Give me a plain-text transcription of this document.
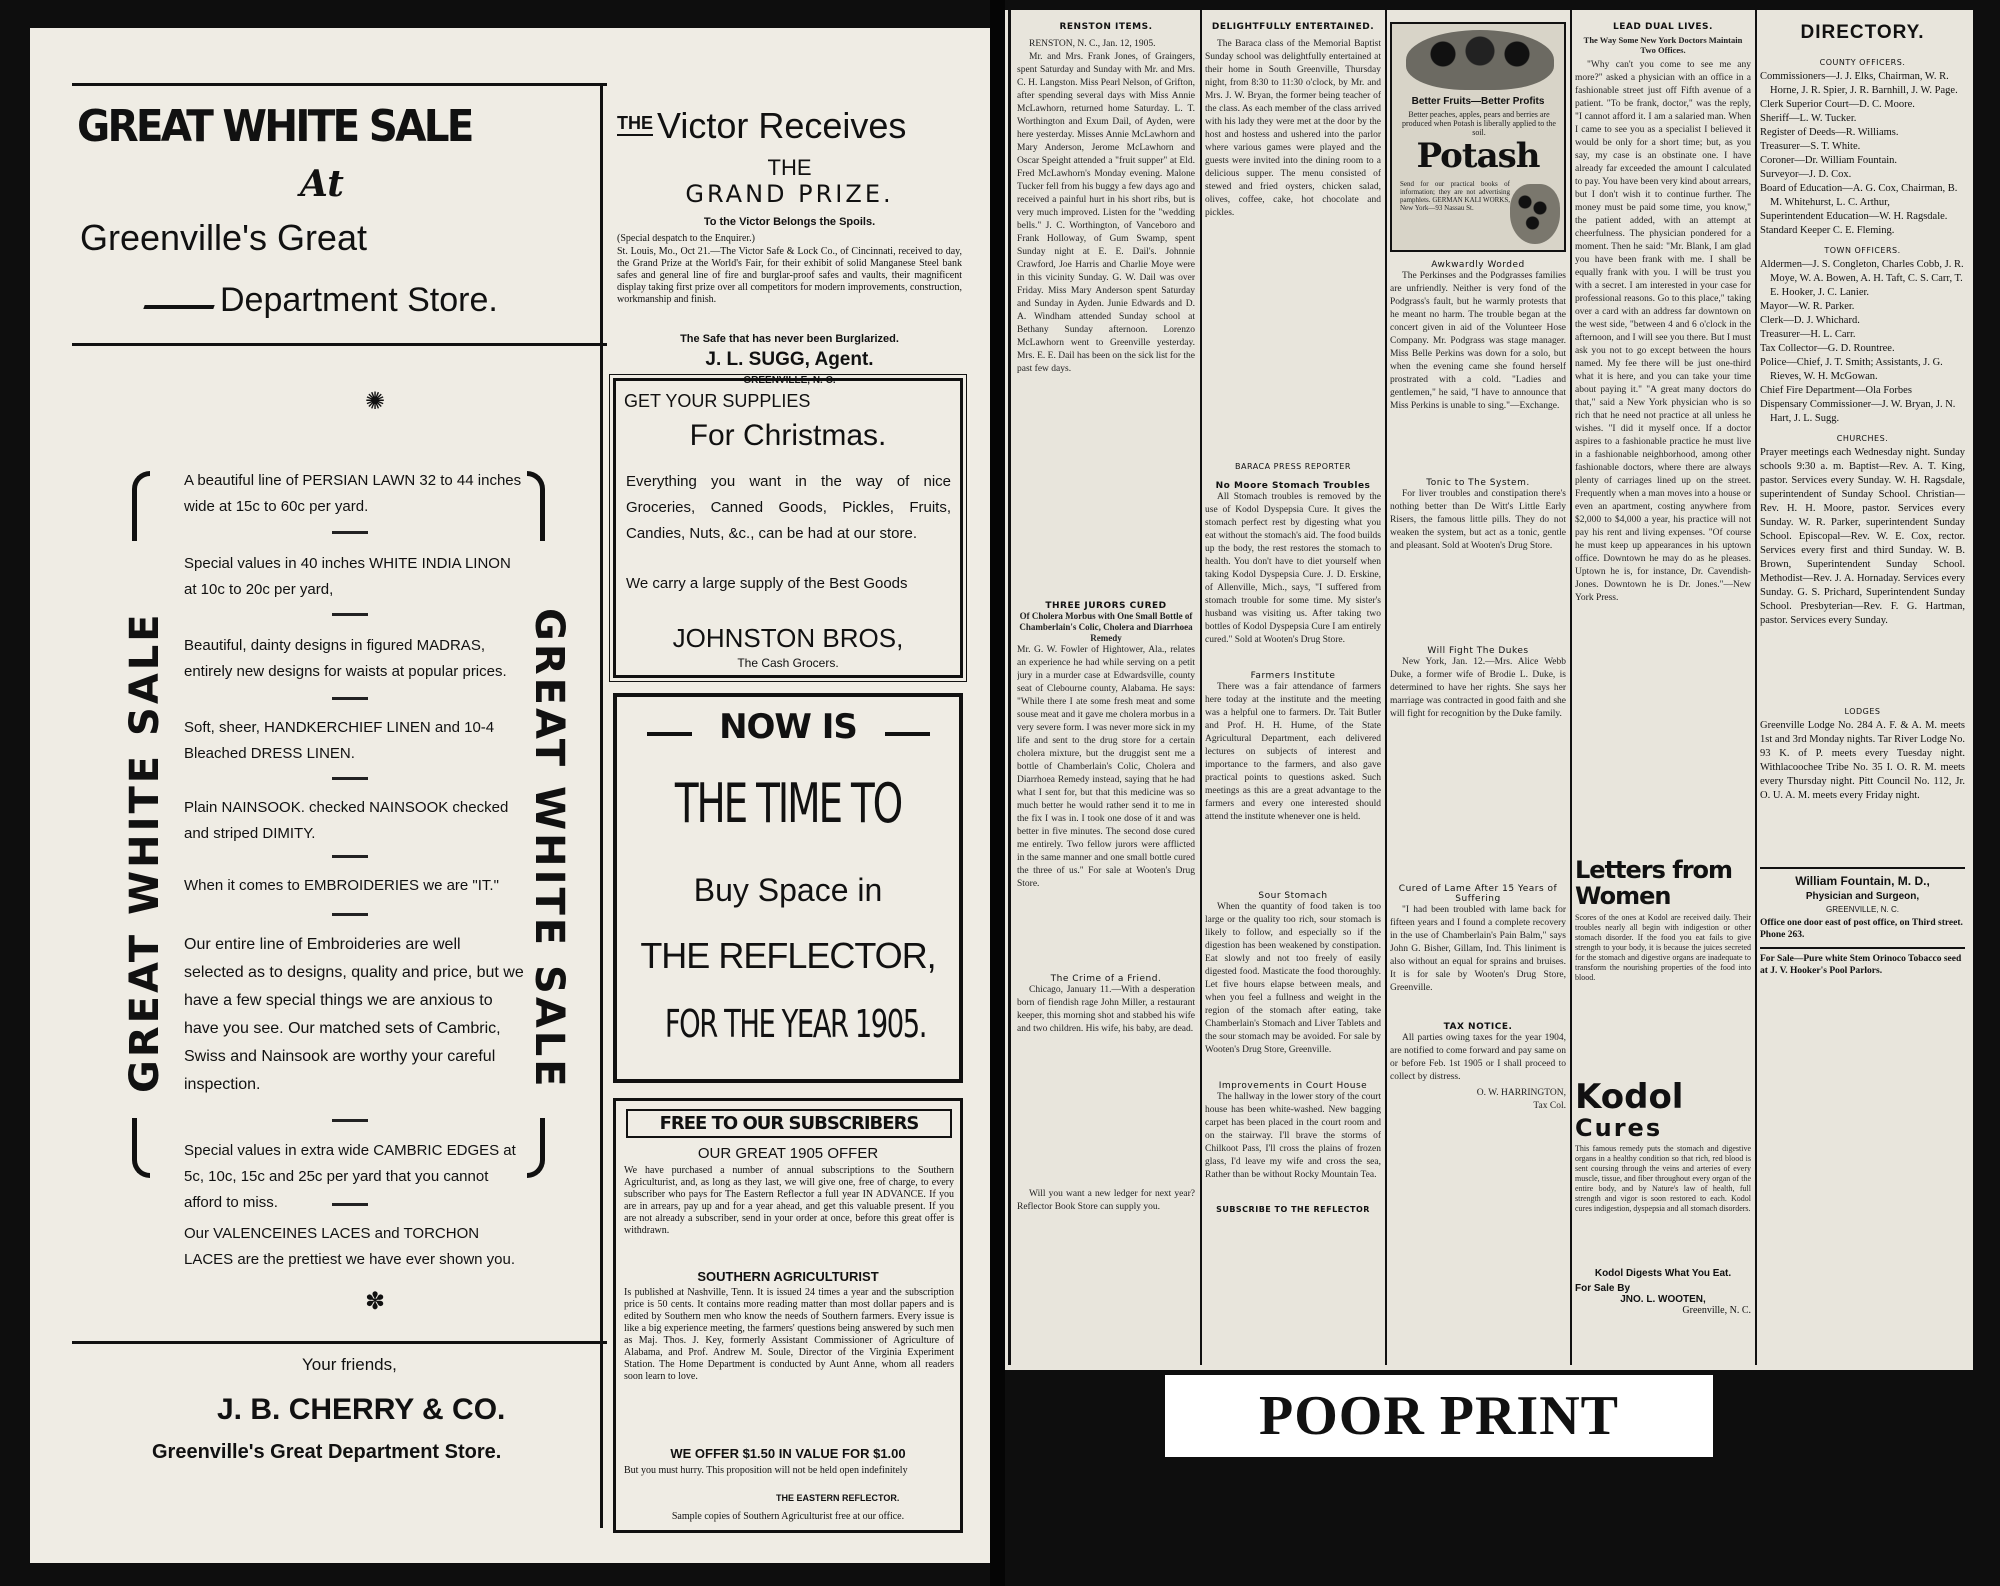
GREAT WHITE SALE
At
Greenville's Great
Department Store.
✺
GREAT WHITE SALE	GREAT WHITE SALE
A beautiful line of PERSIAN LAWN 32 to 44 inches wide at 15c to 60c per yard.
Special values in 40 inches WHITE INDIA LINON at 10c to 20c per yard,
Beautiful, dainty designs in figured MADRAS, entirely new designs for waists at popular prices.
Soft, sheer, HANDKERCHIEF LINEN and 10-4 Bleached DRESS LINEN.
Plain NAINSOOK. checked NAINSOOK checked and striped DIMITY.
When it comes to EMBROIDERIES we are "IT."
Our entire line of Embroideries are well selected as to designs, quality and price, but we have a few special things we are anxious to have you see. Our matched sets of Cambric, Swiss and Nainsook are worthy your careful inspection.
Special values in extra wide CAMBRIC EDGES at 5c, 10c, 15c and 25c per yard that you cannot afford to miss.
Our VALENCEINES LACES and TORCHON LACES are the prettiest we have ever shown you.
✽
Your friends,
J. B. CHERRY & CO.
Greenville's Great Department Store.
THE Victor Receives
THE
GRAND PRIZE.
To the Victor Belongs the Spoils.
(Special despatch to the Enquirer.)
St. Louis, Mo., Oct 21.—The Victor Safe & Lock Co., of Cincinnati, received to day, the Grand Prize at the World's Fair, for their exhibit of solid Manganese Steel bank safes and general line of fire and burglar-proof safes and vaults, their magnificent display taking first prize over all competitors for modern improvements, construction, workmanship and finish.
The Safe that has never been Burglarized.
J. L. SUGG, Agent.
GREENVILLE, N. C.
GET YOUR SUPPLIES
For Christmas.
Everything you want in the way of nice Groceries, Canned Goods, Pickles, Fruits, Candies, Nuts, &c., can be had at our store.
We carry a large supply of the Best Goods
JOHNSTON BROS,
The Cash Grocers.
NOW IS
THE TIME TO
Buy Space in
THE REFLECTOR,
FOR THE YEAR 1905.
FREE TO OUR SUBSCRIBERS
OUR GREAT 1905 OFFER
We have purchased a number of annual subscriptions to the Southern Agriculturist, and, as long as they last, we will give one, free of charge, to every subscriber who pays for The Eastern Reflector a full year IN ADVANCE. If you are in arrears, pay up and for a year ahead, and get this valuable present. If you are not already a subscriber, send in your order at once, before this great offer is withdrawn.
SOUTHERN AGRICULTURIST
Is published at Nashville, Tenn. It is issued 24 times a year and the subscription price is 50 cents. It contains more reading matter than most dollar papers and is edited by Southern men who know the needs of Southern farmers. Every issue is like a big experience meeting, the farmers' questions being answered by such men as Maj. Thos. J. Key, formerly Assistant Commissioner of Agriculture of Alabama, and Prof. Andrew M. Soule, Director of the Virginia Experiment Station. The Home Department is conducted by Aunt Anne, whom all readers soon learn to love.
WE OFFER $1.50 IN VALUE FOR $1.00
But you must hurry. This proposition will not be held open indefinitely
THE EASTERN REFLECTOR.
Sample copies of Southern Agriculturist free at our office.
RENSTON ITEMS.
RENSTON, N. C., Jan. 12, 1905.
Mr. and Mrs. Frank Jones, of Graingers, spent Saturday and Sunday with Mr. and Mrs. C. H. Langston. Miss Pearl Nelson, of Grifton, after spending several days with Miss Annie McLawhorn, returned home Saturday. L. T. Worthington and Exum Dail, of Ayden, were here yesterday. Misses Annie McLawhorn and Mary Anderson, Jerome McLawhorn and Oscar Speight attended a "fruit supper" at Eld. Fred McLawhorn's Monday evening. Malone Tucker fell from his buggy a few days ago and received a painful hurt in his short ribs, but is very much improved. Listen for the "wedding bells." J. C. Worthington, of Vanceboro and Frank Holloway, of Gum Swamp, spent Sunday night at E. E. Dail's. Johnnie Crawford, Joe Harris and Charlie Moye were in this vicinity Sunday. G. W. Dail was over Friday. Miss Mary Anderson spent Saturday and Sunday in Ayden. Junie Edwards and D. A. Windham attended Sunday school at Bethany Sunday afternoon. Lorenzo McLawhorn went to Greenville yesterday. Mrs. E. E. Dail has been on the sick list for the past few days.
THREE JURORS CURED
Of Cholera Morbus with One Small Bottle of Chamberlain's Colic, Cholera and Diarrhoea Remedy
Mr. G. W. Fowler of Hightower, Ala., relates an experience he had while serving on a petit jury in a murder case at Edwardsville, county seat of Clebourne county, Alabama. He says: "While there I ate some fresh meat and some souse meat and it gave me cholera morbus in a very severe form. I was never more sick in my life and sent to the drug store for a certain cholera mixture, but the druggist sent me a bottle of Chamberlain's Colic, Cholera and Diarrhoea Remedy instead, saying that he had what I sent for, but that this medicine was so much better he would rather send it to me in the fix I was in. I took one dose of it and was better in five minutes. The second dose cured me entirely. Two fellow jurors were afflicted in the same manner and one small bottle cured the three of us." For sale at Wooten's Drug Store.
The Crime of a Friend.
Chicago, January 11.—With a desperation born of fiendish rage John Miller, a restaurant keeper, this morning shot and stabbed his wife and two children. His wife, his baby, are dead.
Will you want a new ledger for next year? Reflector Book Store can supply you.
DELIGHTFULLY ENTERTAINED.
The Baraca class of the Memorial Baptist Sunday school was delightfully entertained at their home in South Greenville, Thursday night, from 8:30 to 11:30 o'clock, by Mr. and Mrs. J. W. Bryan, the former being teacher of the class. As each member of the class arrived with his lady they were met at the door by the host and hostess and ushered into the parlor where various games were played and the guests were invited into the dining room to a delicious supper. The menu consisted of stewed and fried oysters, chicken salad, olives, coffee, cake, hot chocolate and pickles.
BARACA PRESS REPORTER
No Moore Stomach Troubles
All Stomach troubles is removed by the use of Kodol Dyspepsia Cure. It gives the stomach perfect rest by digesting what you eat without the stomach's aid. The food builds up the body, the rest restores the stomach to health. You don't have to diet yourself when taking Kodol Dyspepsia Cure. J. D. Erskine, of Allenville, Mich., says, "I suffered from stomach trouble for some time. My sister's husband was visiting us. After taking two bottles of Kodol Dyspepsia Cure I am entirely cured." Sold at Wooten's Drug Store.
Farmers Institute
There was a fair attendance of farmers here today at the institute and the meeting was a helpful one to farmers. Dr. Tait Butler and Prof. H. H. Hume, of the State Agricultural Department, each delivered lectures on subjects of interest and importance to the farmers, and also gave practical points to questions asked. Such meetings as this are a great advantage to the farmers and every one interested should attend the institute whenever one is held.
Sour Stomach
When the quantity of food taken is too large or the quality too rich, sour stomach is likely to follow, and especially so if the digestion has been weakened by constipation. Eat slowly and not too freely of easily digested food. Masticate the food thoroughly. Let five hours elapse between meals, and when you feel a fullness and weight in the region of the stomach after eating, take Chamberlain's Stomach and Liver Tablets and the sour stomach may be avoided. For sale by Wooten's Drug Store, Greenville.
Improvements in Court House
The hallway in the lower story of the court house has been white-washed. New bagging carpet has been placed in the court room and on the stairway. I'll brave the storms of Chilkoot Pass, I'll cross the plains of frozen glass, I'd leave my wife and cross the sea, Rather than be without Rocky Mountain Tea.
SUBSCRIBE TO THE REFLECTOR
Better Fruits—Better Profits
Better peaches, apples, pears and berries are produced when Potash is liberally applied to the soil.
Potash
Send for our practical books of information; they are not advertising pamphlets. GERMAN KALI WORKS, New York—93 Nassau St.
Awkwardly Worded
The Perkinses and the Podgrasses families are unfriendly. Neither is very fond of the Podgrass's fault, but he warmly protests that he meant no harm. The trouble began at the concert given in aid of the Volunteer Hose Company. Mr. Podgrass was stage manager. Miss Belle Perkins was down for a solo, but when the evening came she found herself prostrated with a cold. "Ladies and gentlemen," he said, "I have to announce that Miss Perkins is unable to sing."—Exchange.
Tonic to The System.
For liver troubles and constipation there's nothing better than De Witt's Little Early Risers, the famous little pills. They do not weaken the system, but act as a tonic, gentle and pleasant. Sold at Wooten's Drug Store.
Will Fight The Dukes
New York, Jan. 12.—Mrs. Alice Webb Duke, a former wife of Brodie L. Duke, is determined to have her rights. She says her marriage was contracted in good faith and she will fight for recognition by the Duke family.
Cured of Lame After 15 Years of Suffering
"I had been troubled with lame back for fifteen years and I found a complete recovery in the use of Chamberlain's Pain Balm," says John G. Bisher, Gillam, Ind. This liniment is also without an equal for sprains and bruises. It is for sale by Wooten's Drug Store, Greenville.
TAX NOTICE.
All parties owing taxes for the year 1904, are notified to come forward and pay same on or before Feb. 1st 1905 or I shall proceed to collect by distress.
O. W. HARRINGTON,
Tax Col.
LEAD DUAL LIVES.
The Way Some New York Doctors Maintain Two Offices.
"Why can't you come to see me any more?" asked a physician with an office in a fashionable street just off Fifth avenue of a patient. "To be frank, doctor," was the reply, "I cannot afford it. I am a salaried man. When I came to see you as a specialist I believed it would be only for a short time; but, as you say, my case is an obstinate one. I have already far exceeded the amount I calculated to pay. You have been very kind about arrears, but I don't wish it to continue further. The money must be paid some time, you know," the patient added, with an attempt at cheerfulness. The physician pondered for a moment. Then he said: "Mr. Blank, I am glad you have been frank with me. I shall be equally frank with you. I will be trust you with a secret. I am interested in your case for professional reasons. Go to this place," taking over a card with an address far downtown on the west side, "between 4 and 6 o'clock in the afternoon, and I will see you there. But I must ask you not to go except between the hours named. My fee there will be just one-third what it is here, and you can take your time about paying it." "A great many doctors do that," said a New York physician who is so rich that he need not practice at all unless he wishes. "I did it myself once. If a doctor aspires to a fashionable practice he must live in a fashionable neighborhood, among other fashionable doctors, where there are always plenty of carriages lined up on the street. Frequently when a man moves into a house or even an apartment, costing anywhere from $2,000 to $4,000 a year, his practice will not pay his rent and living expenses. "Of course he must keep up appearances in his uptown office. Downtown he may do as he pleases. Uptown he is, for instance, Dr. Cavendish-Jones. Downtown he is Dr. Jones."—New York Press.
Letters from Women
Scores of the ones at Kodol are received daily. Their troubles nearly all begin with indigestion or other stomach disorder. If the food you eat fails to give strength to your body, it is because the juices secreted for the stomach and digestive organs are inadequate to transform the nourishing properties of the food into blood.
Kodol
Cures
This famous remedy puts the stomach and digestive organs in a healthy condition so that rich, red blood is sent coursing through the veins and arteries of every muscle, tissue, and fiber throughout every organ of the entire body, and by Nature's law of health, full strength and vigor is soon restored to each. Kodol cures indigestion, dyspepsia and all stomach disorders.
Kodol Digests What You Eat.
For Sale By
JNO. L. WOOTEN,
Greenville, N. C.
DIRECTORY.
COUNTY OFFICERS.
Commissioners—J. J. Elks, Chairman, W. R. Horne, J. R. Spier, J. R. Barnhill, J. W. Page.
Clerk Superior Court—D. C. Moore.
Sheriff—L. W. Tucker.
Register of Deeds—R. Williams.
Treasurer—S. T. White.
Coroner—Dr. William Fountain.
Surveyor—J. D. Cox.
Board of Education—A. G. Cox, Chairman, B. M. Whitehurst, L. C. Arthur,
Superintendent Education—W. H. Ragsdale.
Standard Keeper C. E. Fleming.
TOWN OFFICERS.
Aldermen—J. S. Congleton, Charles Cobb, J. R. Moye, W. A. Bowen, A. H. Taft, C. S. Carr, T. E. Hooker, J. C. Lanier.
Mayor—W. R. Parker.
Clerk—D. J. Whichard.
Treasurer—H. L. Carr.
Tax Collector—G. D. Rountree.
Police—Chief, J. T. Smith; Assistants, J. G. Rieves, W. H. McGowan.
Chief Fire Department—Ola Forbes
Dispensary Commissioner—J. W. Bryan, J. N. Hart, J. L. Sugg.
CHURCHES.
Prayer meetings each Wednesday night. Sunday schools 9:30 a. m. Baptist—Rev. A. T. King, pastor. Services every Sunday. W. H. Ragsdale, superintendent of Sunday School. Christian—Rev. H. H. Moore, pastor. Services every Sunday. W. R. Parker, superintendent Sunday School. Episcopal—Rev. W. E. Cox, rector. Services every first and third Sunday. W. B. Brown, Superintendent Sunday School. Methodist—Rev. J. A. Hornaday. Services every Sunday. G. S. Prichard, Superintendent Sunday School. Presbyterian—Rev. F. G. Hartman, pastor. Services every Sunday.
LODGES
Greenville Lodge No. 284 A. F. & A. M. meets 1st and 3rd Monday nights. Tar River Lodge No. 93 K. of P. meets every Tuesday night. Withlacoochee Tribe No. 35 I. O. R. M. meets every Thursday night. Pitt Council No. 112, Jr. O. U. A. M. meets every Friday night.
William Fountain, M. D.,
Physician and Surgeon,
GREENVILLE, N. C.
Office one door east of post office, on Third street. Phone 263.
For Sale—Pure white Stem Orinoco Tobacco seed at J. V. Hooker's Pool Parlors.
POOR PRINT
